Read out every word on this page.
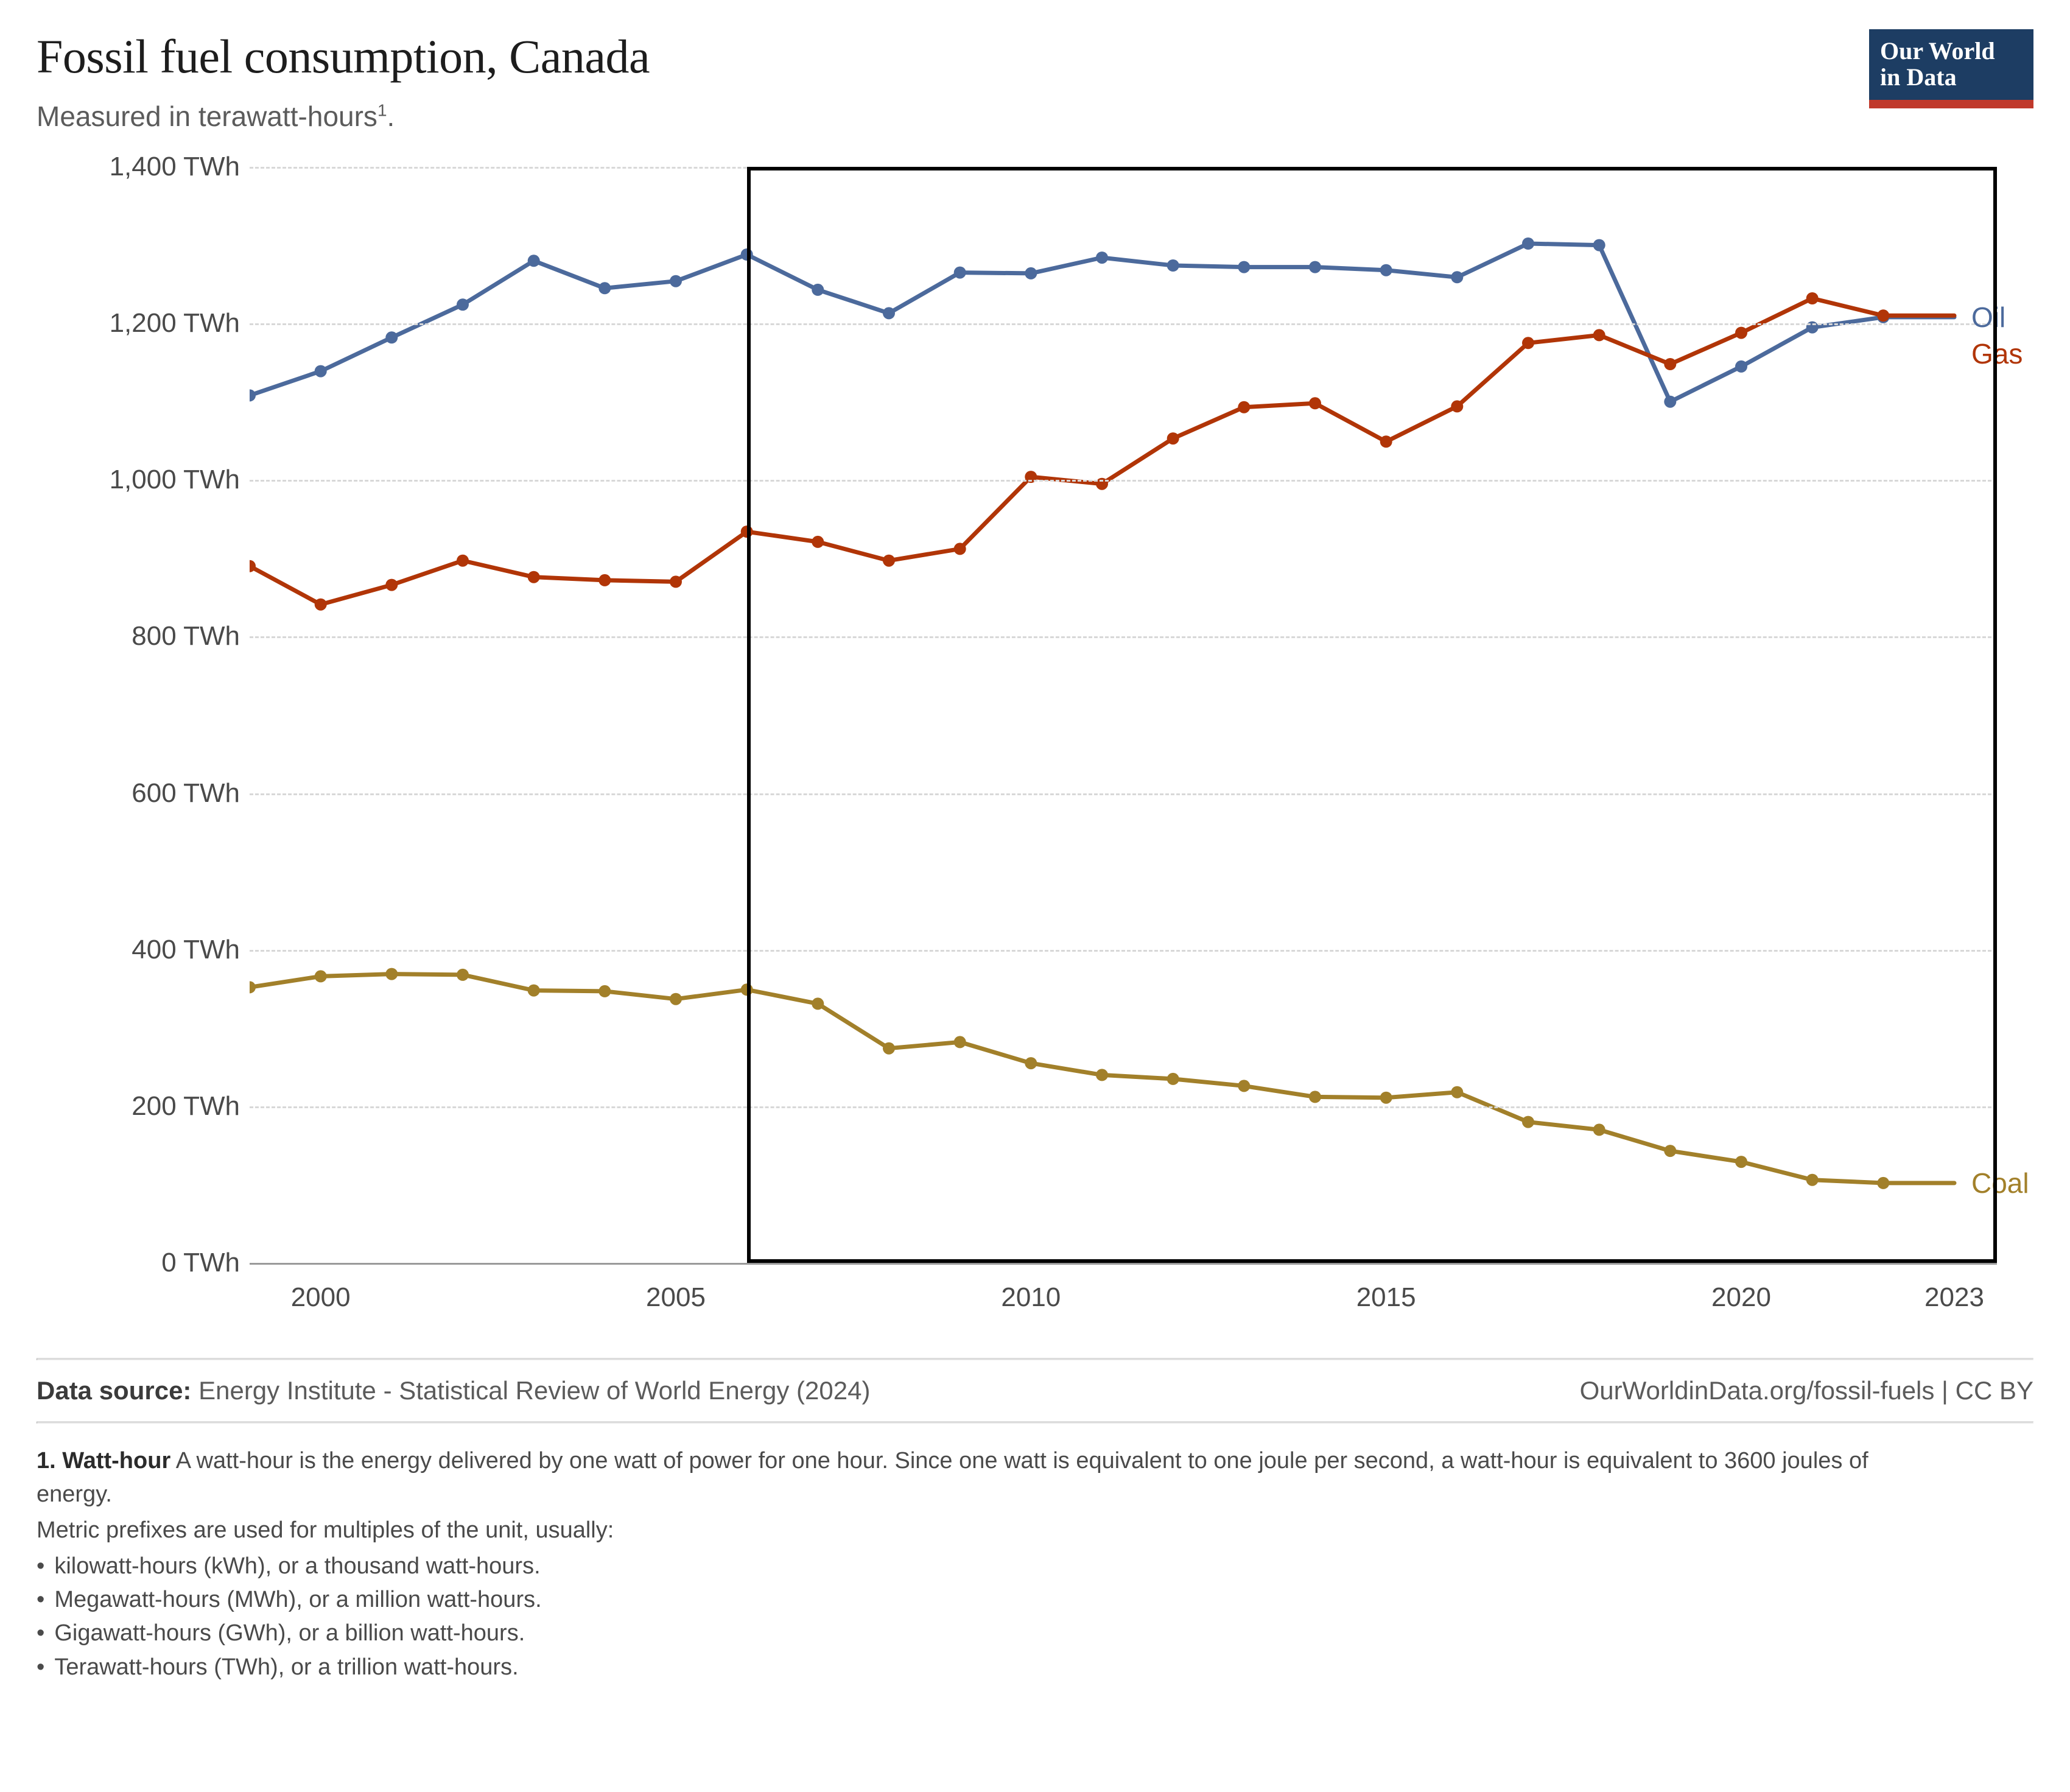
Fossil fuel consumption, Canada

Measured in terawatt-hours$^1$.

Our World
in Data
0 TWh
200 TWh
400 TWh
600 TWh
800 TWh
1,000 TWh
1,200 TWh
1,400 TWh
2000	2005	2010	2015	2020	2023
Oil
Gas
Coal
Data source: Energy Institute - Statistical Review of World Energy (2024)	OurWorldinData.org/fossil-fuels | CC BY

1. Watt-hour A watt-hour is the energy delivered by one watt of power for one hour. Since one watt is equivalent to one joule per second, a watt-hour is equivalent to 3600 joules of energy.

Metric prefixes are used for multiples of the unit, usually:

• kilowatt-hours (kWh), or a thousand watt-hours.
• Megawatt-hours (MWh), or a million watt-hours.
• Gigawatt-hours (GWh), or a billion watt-hours.
• Terawatt-hours (TWh), or a trillion watt-hours.
